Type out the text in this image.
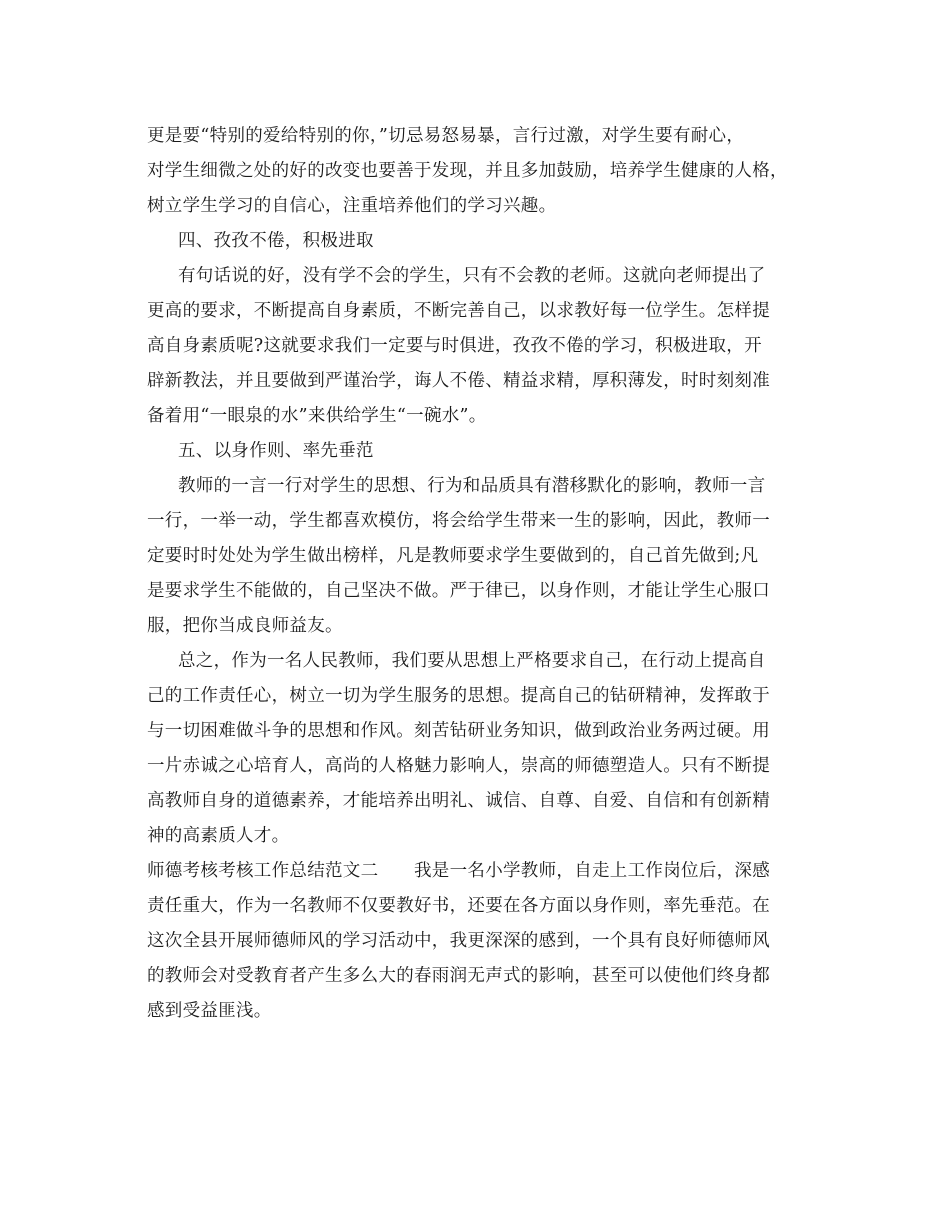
更是要“特别的爱给特别的你，”切忌易怒易暴，言行过激，对学生要有耐心，
对学生细微之处的好的改变也要善于发现，并且多加鼓励，培养学生健康的人格，
树立学生学习的自信心，注重培养他们的学习兴趣。
四、孜孜不倦，积极进取
有句话说的好，没有学不会的学生，只有不会教的老师。这就向老师提出了
更高的要求，不断提高自身素质，不断完善自己，以求教好每一位学生。怎样提
高自身素质呢?这就要求我们一定要与时俱进，孜孜不倦的学习，积极进取，开
辟新教法，并且要做到严谨治学，诲人不倦、精益求精，厚积薄发，时时刻刻准
备着用“一眼泉的水”来供给学生“一碗水”。
五、以身作则、率先垂范
教师的一言一行对学生的思想、行为和品质具有潜移默化的影响，教师一言
一行，一举一动，学生都喜欢模仿，将会给学生带来一生的影响，因此，教师一
定要时时处处为学生做出榜样，凡是教师要求学生要做到的，自己首先做到;凡
是要求学生不能做的，自己坚决不做。严于律已，以身作则，才能让学生心服口
服，把你当成良师益友。
总之，作为一名人民教师，我们要从思想上严格要求自己，在行动上提高自
己的工作责任心，树立一切为学生服务的思想。提高自己的钻研精神，发挥敢于
与一切困难做斗争的思想和作风。刻苦钻研业务知识，做到政治业务两过硬。用
一片赤诚之心培育人，高尚的人格魅力影响人，崇高的师德塑造人。只有不断提
高教师自身的道德素养，才能培养出明礼、诚信、自尊、自爱、自信和有创新精
神的高素质人才。
师德考核考核工作总结范文二　　我是一名小学教师，自走上工作岗位后，深感
责任重大，作为一名教师不仅要教好书，还要在各方面以身作则，率先垂范。在
这次全县开展师德师风的学习活动中，我更深深的感到，一个具有良好师德师风
的教师会对受教育者产生多么大的春雨润无声式的影响，甚至可以使他们终身都
感到受益匪浅。
